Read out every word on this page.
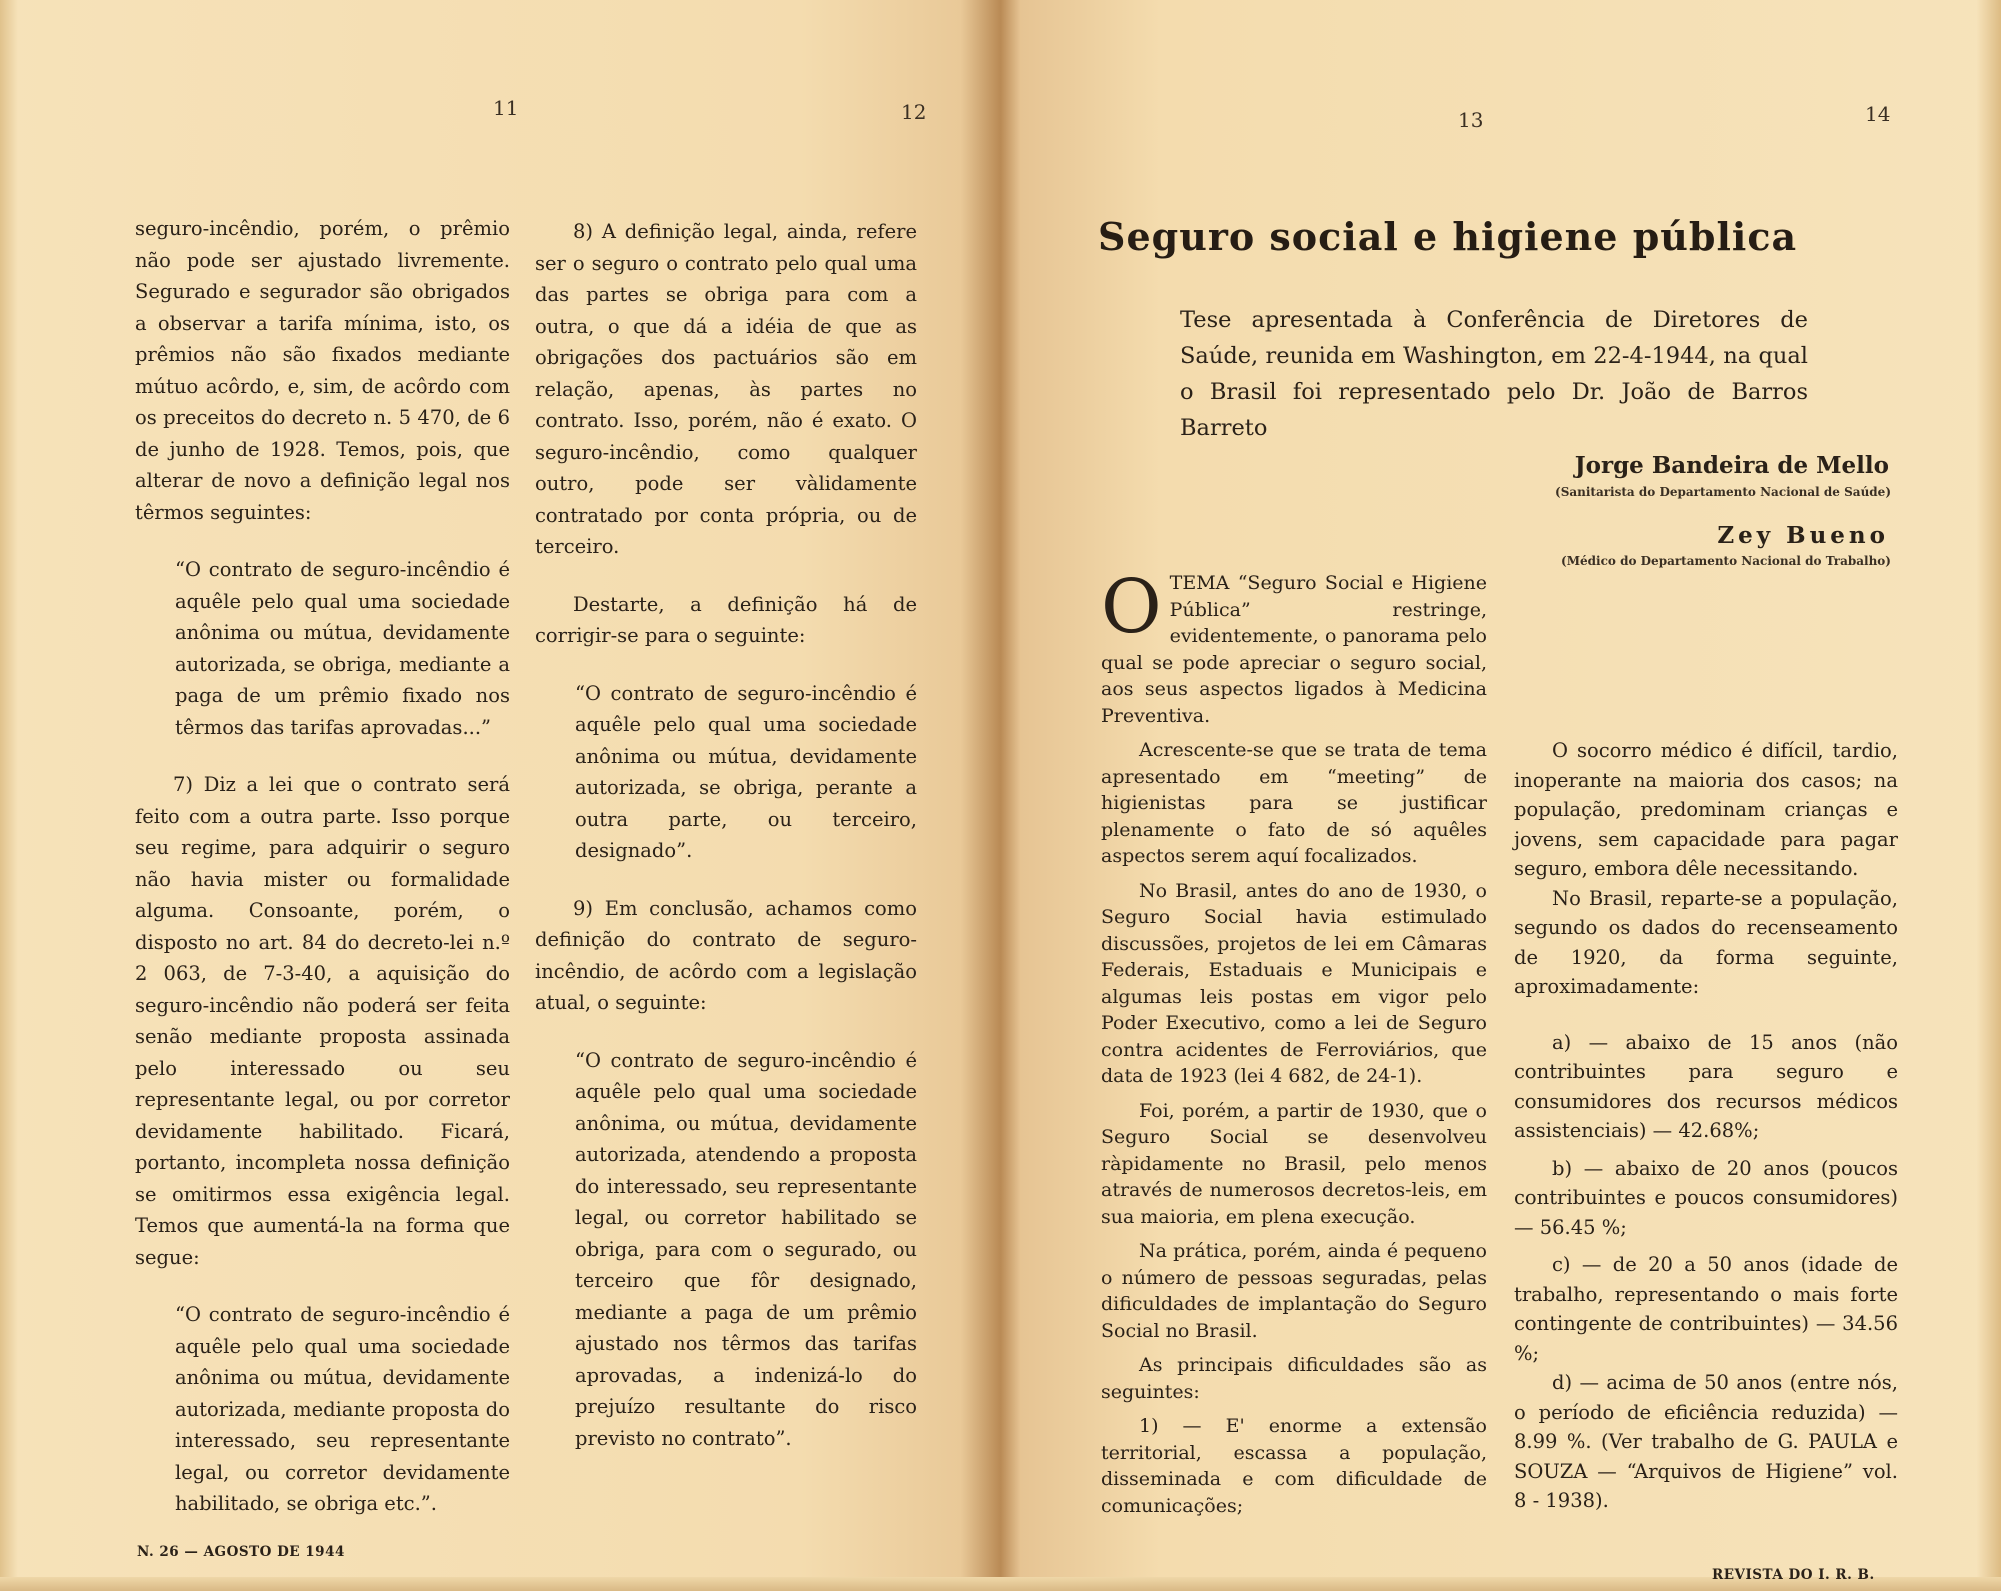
11	12	13	14

seguro-incêndio, porém, o prêmio não pode ser ajustado livremente. Segurado e segurador são obrigados a observar a tarifa mínima, isto, os prêmios não são fixados mediante mútuo acôrdo, e, sim, de acôrdo com os preceitos do decreto n. 5 470, de 6 de junho de 1928. Temos, pois, que alterar de novo a definição legal nos têrmos seguintes:

“O contrato de seguro-incêndio é aquêle pelo qual uma sociedade anônima ou mútua, devidamente autorizada, se obriga, mediante a paga de um prêmio fixado nos têrmos das tarifas aprovadas...”

7) Diz a lei que o contrato será feito com a outra parte. Isso porque seu regime, para adquirir o seguro não havia mister ou formalidade alguma. Consoante, porém, o disposto no art. 84 do decreto-lei n.º 2 063, de 7-3-40, a aquisição do seguro-incêndio não poderá ser feita senão mediante proposta assinada pelo interessado ou seu representante legal, ou por corretor devidamente habilitado. Ficará, portanto, incompleta nossa definição se omitirmos essa exigência legal. Temos que aumentá-la na forma que segue:

“O contrato de seguro-incêndio é aquêle pelo qual uma sociedade anônima ou mútua, devidamente autorizada, mediante proposta do interessado, seu representante legal, ou corretor devidamente habilitado, se obriga etc.”.

8) A definição legal, ainda, refere ser o seguro o contrato pelo qual uma das partes se obriga para com a outra, o que dá a idéia de que as obrigações dos pactuários são em relação, apenas, às partes no contrato. Isso, porém, não é exato. O seguro-incêndio, como qualquer outro, pode ser vàlidamente contratado por conta própria, ou de terceiro.

Destarte, a definição há de corrigir-se para o seguinte:

“O contrato de seguro-incêndio é aquêle pelo qual uma sociedade anônima ou mútua, devidamente autorizada, se obriga, perante a outra parte, ou terceiro, designado”.

9) Em conclusão, achamos como definição do contrato de seguro-incêndio, de acôrdo com a legislação atual, o seguinte:

“O contrato de seguro-incêndio é aquêle pelo qual uma sociedade anônima, ou mútua, devidamente autorizada, atendendo a proposta do interessado, seu representante legal, ou corretor habilitado se obriga, para com o segurado, ou terceiro que fôr designado, mediante a paga de um prêmio ajustado nos têrmos das tarifas aprovadas, a indenizá-lo do prejuízo resultante do risco previsto no contrato”.

Seguro social e higiene pública
Tese apresentada à Conferência de Diretores de Saúde, reunida em Washington, em 22-4-1944, na qual o Brasil foi representado pelo Dr. João de Barros Barreto
Jorge Bandeira de Mello
(Sanitarista do Departamento Nacional de Saúde)
Zey Bueno
(Médico do Departamento Nacional do Trabalho)

OTEMA “Seguro Social e Higiene Pública” restringe, evidentemente, o panorama pelo qual se pode apreciar o seguro social, aos seus aspectos ligados à Medicina Preventiva.

Acrescente-se que se trata de tema apresentado em “meeting” de higienistas para se justificar plenamente o fato de só aquêles aspectos serem aquí focalizados.

No Brasil, antes do ano de 1930, o Seguro Social havia estimulado discussões, projetos de lei em Câmaras Federais, Estaduais e Municipais e algumas leis postas em vigor pelo Poder Executivo, como a lei de Seguro contra acidentes de Ferroviários, que data de 1923 (lei 4 682, de 24-1).

Foi, porém, a partir de 1930, que o Seguro Social se desenvolveu ràpidamente no Brasil, pelo menos através de numerosos decretos-leis, em sua maioria, em plena execução.

Na prática, porém, ainda é pequeno o número de pessoas seguradas, pelas dificuldades de implantação do Seguro Social no Brasil.

As principais dificuldades são as seguintes:

1) — E' enorme a extensão territorial, escassa a população, disseminada e com dificuldade de comunicações;

O socorro médico é difícil, tardio, inoperante na maioria dos casos; na população, predominam crianças e jovens, sem capacidade para pagar seguro, embora dêle necessitando.

No Brasil, reparte-se a população, segundo os dados do recenseamento de 1920, da forma seguinte, aproximadamente:

a) — abaixo de 15 anos (não contribuintes para seguro e consumidores dos recursos médicos assistenciais) — 42.68%;

b) — abaixo de 20 anos (poucos contribuintes e poucos consumidores) — 56.45 %;

c) — de 20 a 50 anos (idade de trabalho, representando o mais forte contingente de contribuintes) — 34.56 %;

d) — acima de 50 anos (entre nós, o período de eficiência reduzida) — 8.99 %. (Ver trabalho de G. PAULA e SOUZA — “Arquivos de Higiene” vol. 8 - 1938).

N. 26 — AGOSTO DE 1944
REVISTA DO I. R. B.
